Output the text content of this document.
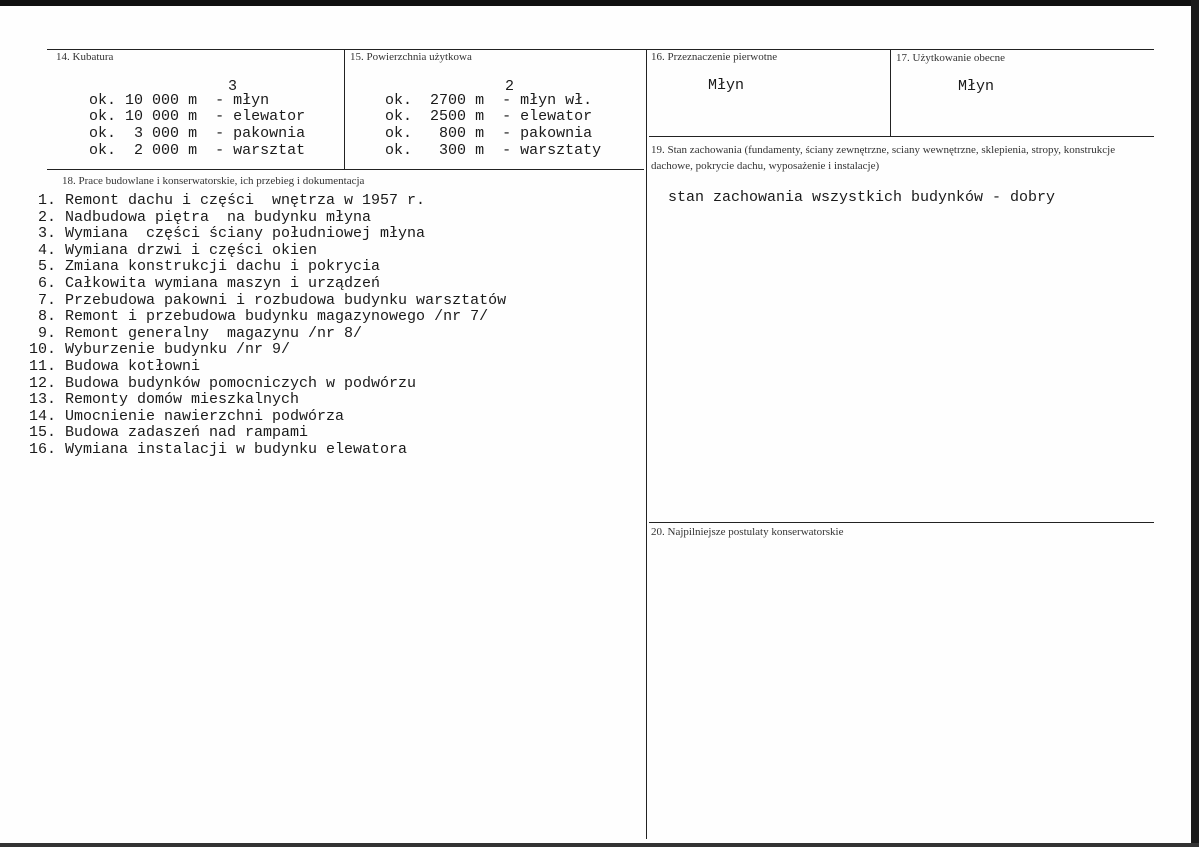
14. Kubatura
ok. 10 000 m - młyn
ok. 10 000 m - elewator
ok. 3 000 m - pakownia
ok. 2 000 m - warsztat
3
15. Powierzchnia użytkowa
ok. 2700 m - młyn wł.
ok. 2500 m - elewator
ok. 800 m - pakownia
ok. 300 m - warsztaty
2
16. Przeznaczenie pierwotne
Młyn
17. Użytkowanie obecne
Młyn
18. Prace budowlane i konserwatorskie, ich przebieg i dokumentacja
1. Remont dachu i części  wnętrza w 1957 r.
2. Nadbudowa piętra  na budynku młyna
3. Wymiana  części ściany południowej młyna
4. Wymiana drzwi i części okien
5. Zmiana konstrukcji dachu i pokrycia
6. Całkowita wymiana maszyn i urządzeń
7. Przebudowa pakowni i rozbudowa budynku warsztatów
8. Remont i przebudowa budynku magazynowego /nr 7/
9. Remont generalny  magazynu /nr 8/
10. Wyburzenie budynku /nr 9/
11. Budowa kotłowni
12. Budowa budynków pomocniczych w podwórzu
13. Remonty domów mieszkalnych
14. Umocnienie nawierzchni podwórza
15. Budowa zadaszeń nad rampami
16. Wymiana instalacji w budynku elewatora
19. Stan zachowania (fundamenty, ściany zewnętrzne, sciany wewnętrzne, sklepienia, stropy, konstrukcje dachowe, pokrycie dachu, wyposażenie i instalacje)
stan zachowania wszystkich budynków - dobry
20. Najpilniejsze postulaty konserwatorskie
